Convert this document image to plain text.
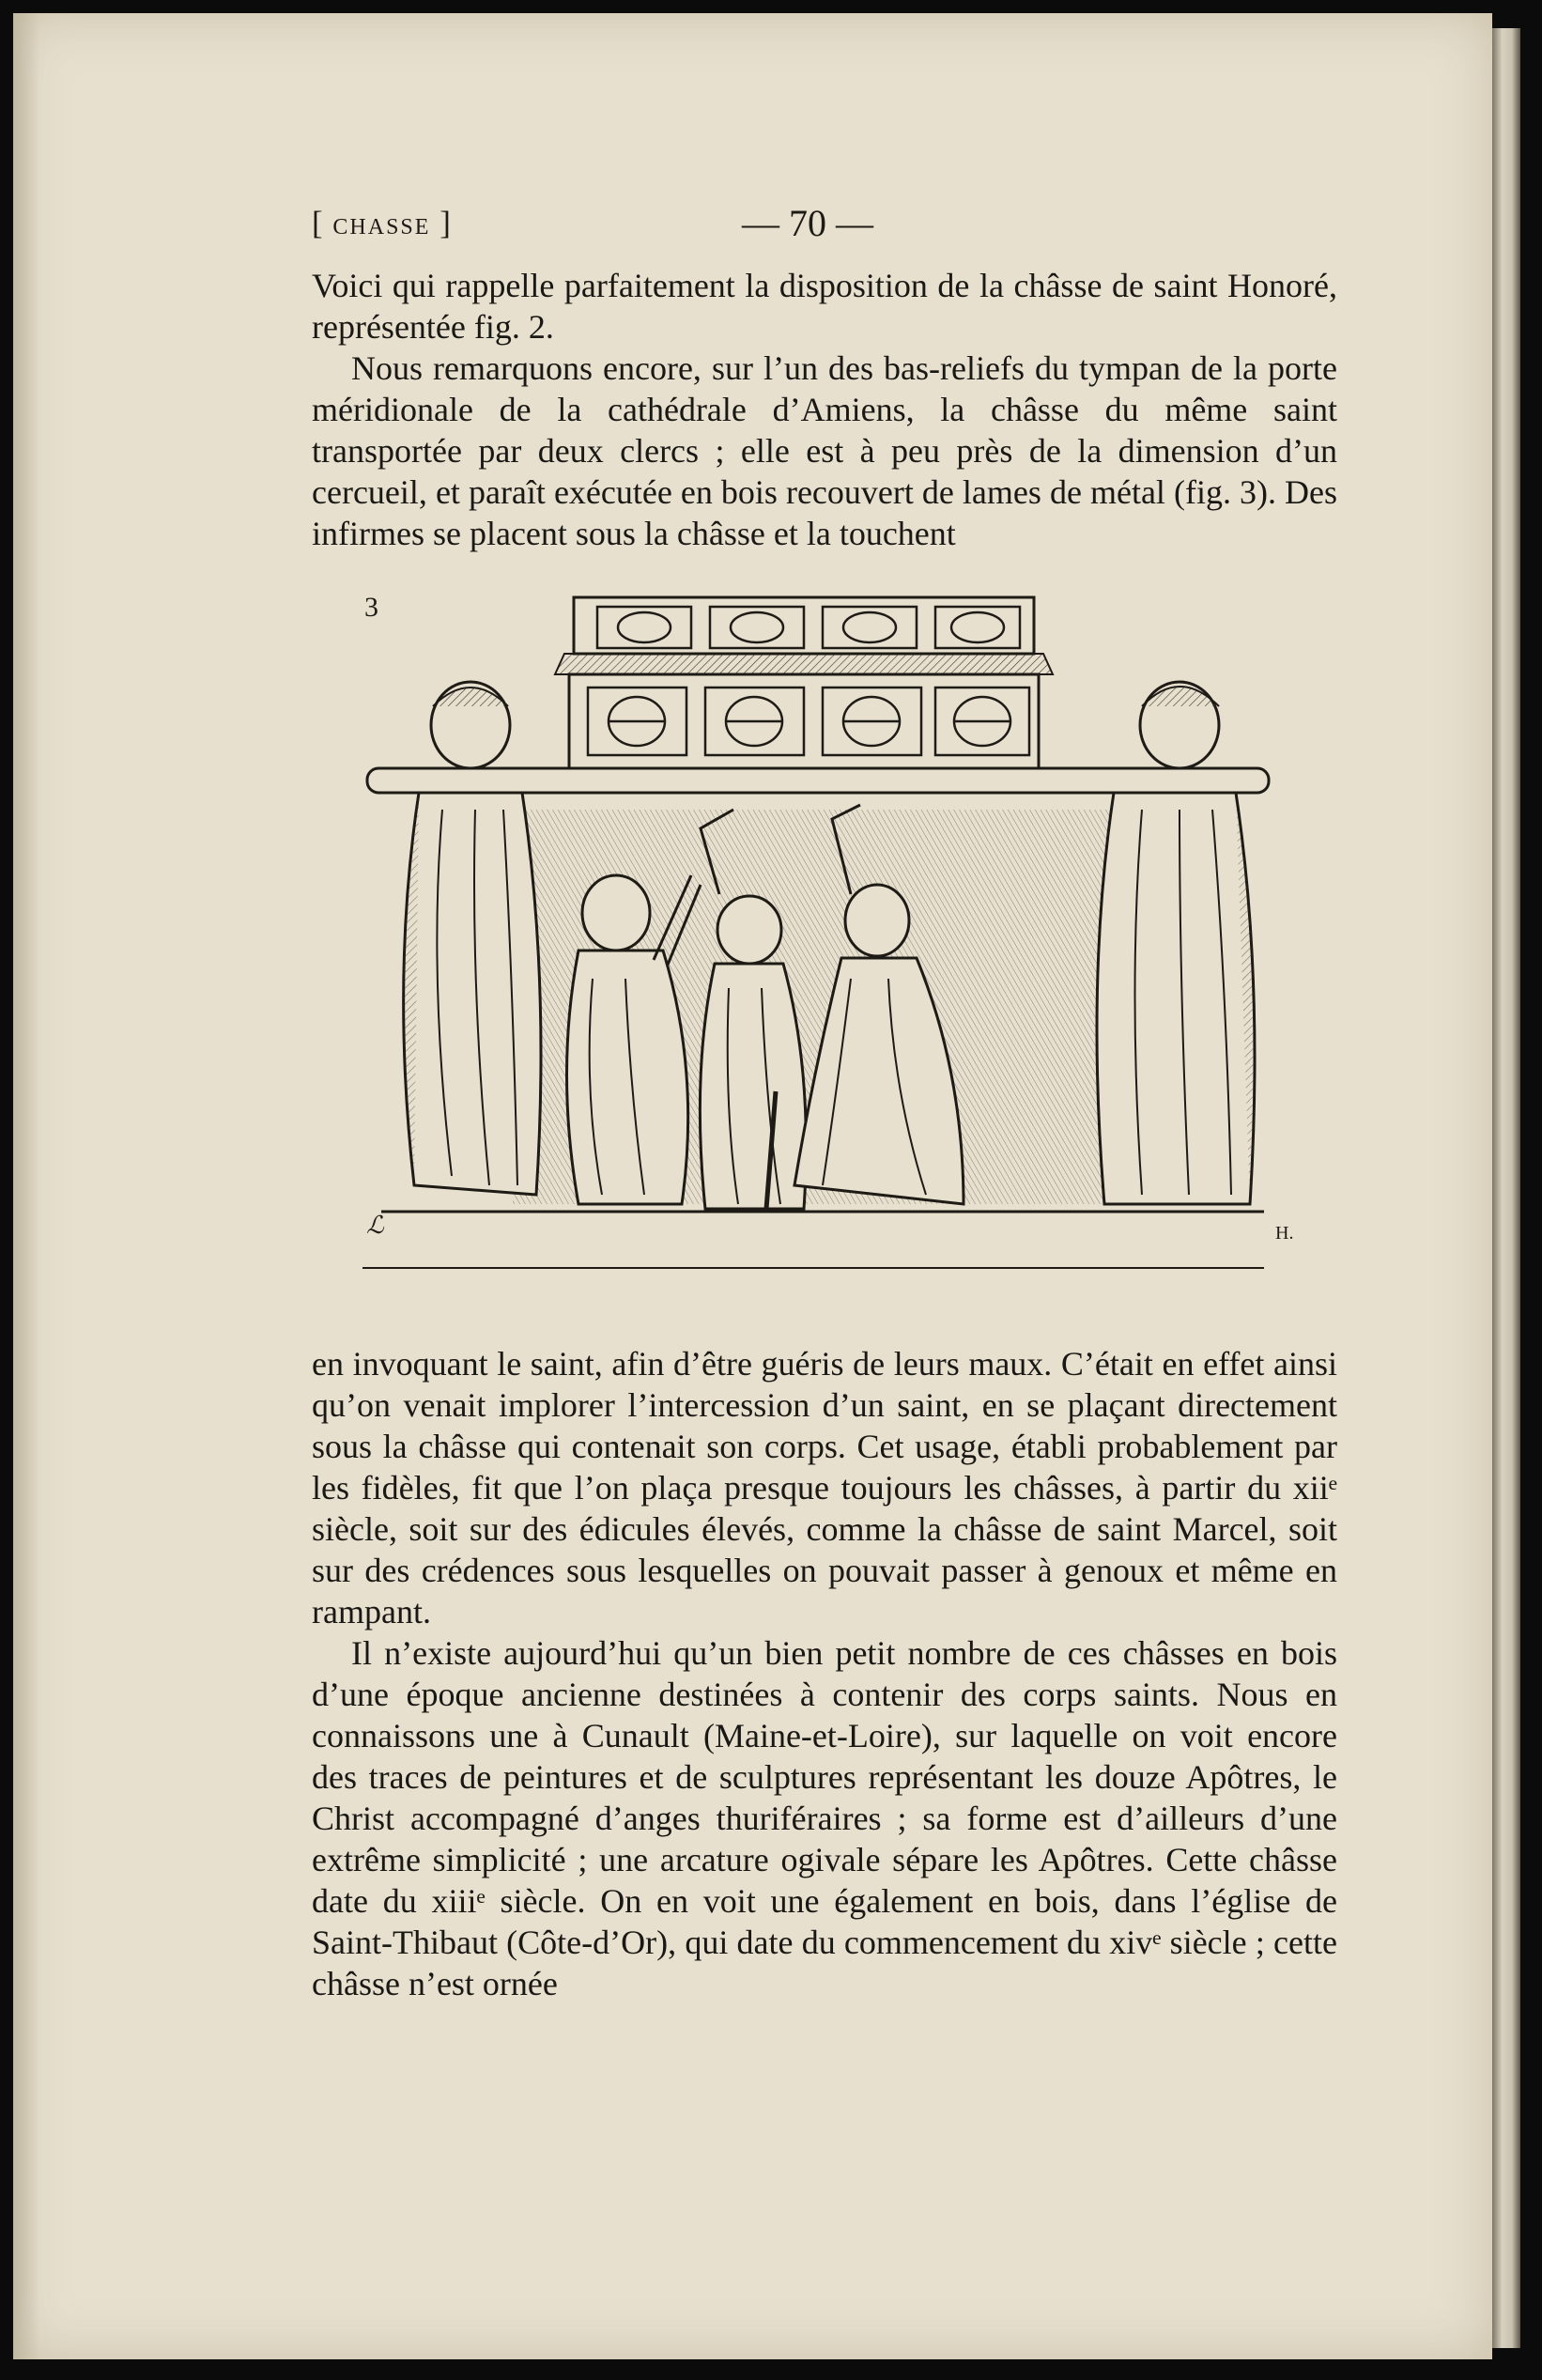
[ CHASSE ]	— 70 —

Voici qui rappelle parfaitement la disposition de la châsse de saint Honoré, représentée fig. 2.

Nous remarquons encore, sur l’un des bas-reliefs du tympan de la porte méridionale de la cathédrale d’Amiens, la châsse du même saint transportée par deux clercs ; elle est à peu près de la dimension d’un cercueil, et paraît exécutée en bois recouvert de lames de métal (fig. 3). Des infirmes se placent sous la châsse et la touchent

3
ℒ	H.

en invoquant le saint, afin d’être guéris de leurs maux. C’était en effet ainsi qu’on venait implorer l’intercession d’un saint, en se plaçant directement sous la châsse qui contenait son corps. Cet usage, établi probablement par les fidèles, fit que l’on plaça presque toujours les châsses, à partir du xiiᵉ siècle, soit sur des édicules élevés, comme la châsse de saint Marcel, soit sur des crédences sous lesquelles on pouvait passer à genoux et même en rampant.

Il n’existe aujourd’hui qu’un bien petit nombre de ces châsses en bois d’une époque ancienne destinées à contenir des corps saints. Nous en connaissons une à Cunault (Maine-et-Loire), sur laquelle on voit encore des traces de peintures et de sculptures représentant les douze Apôtres, le Christ accompagné d’anges thuriféraires ; sa forme est d’ailleurs d’une extrême simplicité ; une arcature ogivale sépare les Apôtres. Cette châsse date du xiiiᵉ siècle. On en voit une également en bois, dans l’église de Saint-Thibaut (Côte-d’Or), qui date du commencement du xivᵉ siècle ; cette châsse n’est ornée
